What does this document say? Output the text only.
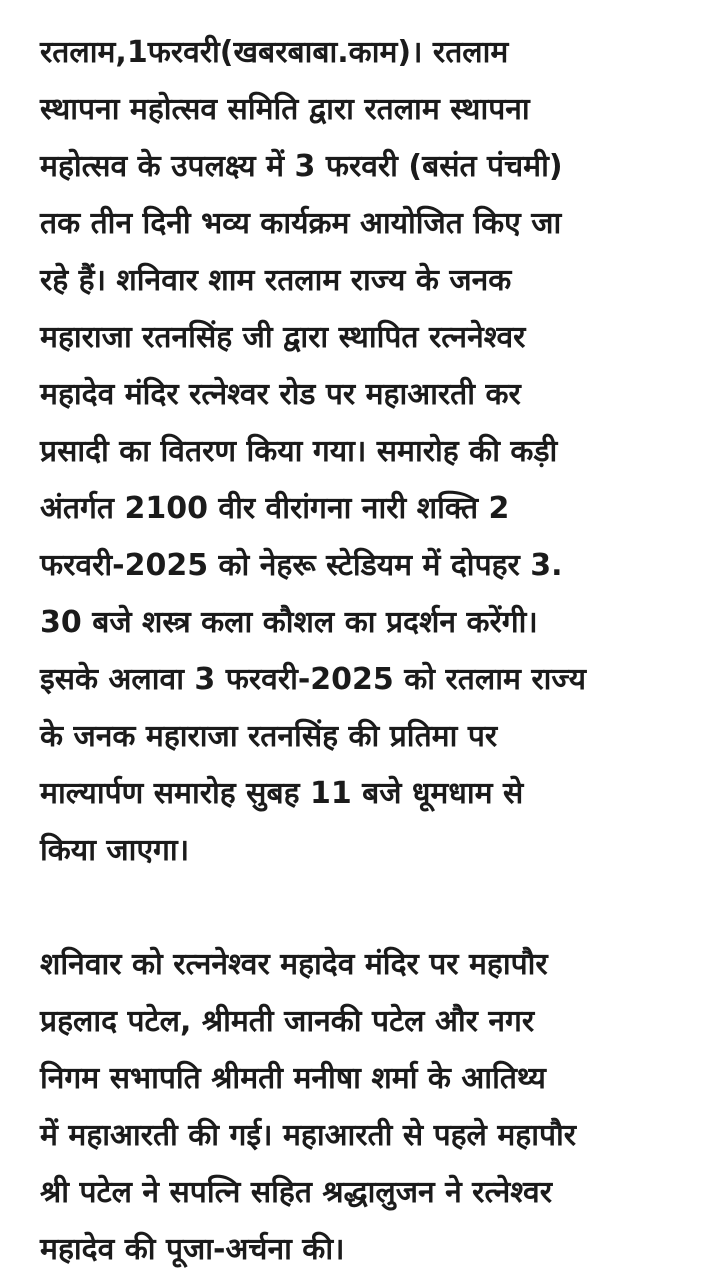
रतलाम,1फरवरी(खबरबाबा.काम)। रतलाम
स्थापना महोत्सव समिति द्वारा रतलाम स्थापना
महोत्सव के उपलक्ष्य में 3 फरवरी (बसंत पंचमी)
तक तीन दिनी भव्य कार्यक्रम आयोजित किए जा
रहे हैं। शनिवार शाम रतलाम राज्य के जनक
महाराजा रतनसिंह जी द्वारा स्थापित रत्ननेश्वर
महादेव मंदिर रत्नेश्वर रोड पर महाआरती कर
प्रसादी का वितरण किया गया। समारोह की कड़ी
अंतर्गत 2100 वीर वीरांगना नारी शक्ति 2
फरवरी-2025 को नेहरू स्टेडियम में दोपहर 3.
30 बजे शस्त्र कला कौशल का प्रदर्शन करेंगी।
इसके अलावा 3 फरवरी-2025 को रतलाम राज्य
के जनक महाराजा रतनसिंह की प्रतिमा पर
माल्यार्पण समारोह सुबह 11 बजे धूमधाम से
किया जाएगा।
शनिवार को रत्ननेश्वर महादेव मंदिर पर महापौर
प्रहलाद पटेल, श्रीमती जानकी पटेल और नगर
निगम सभापति श्रीमती मनीषा शर्मा के आतिथ्य
में महाआरती की गई। महाआरती से पहले महापौर
श्री पटेल ने सपत्नि सहित श्रद्धालुजन ने रत्नेश्वर
महादेव की पूजा-अर्चना की।
